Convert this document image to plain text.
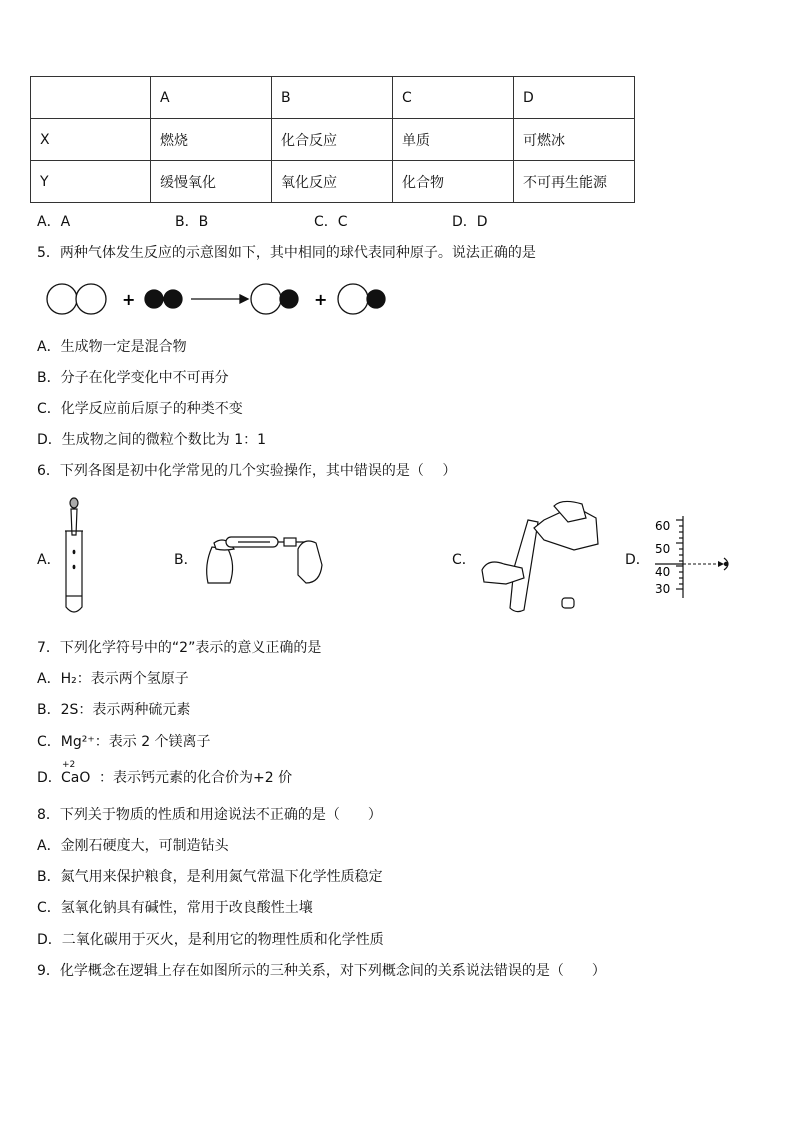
	A	B	C	D
X	燃烧	化合反应	单质	可燃冰
Y	缓慢氧化	氧化反应	化合物	不可再生能源
A．A	B．B	C．C	D．D
5．两种气体发生反应的示意图如下，其中相同的球代表同种原子。说法正确的是
+	+
A．生成物一定是混合物
B．分子在化学变化中不可再分
C．化学反应前后原子的种类不变
D．生成物之间的微粒个数比为 1：1
6．下列各图是初中化学常见的几个实验操作，其中错误的是（　 ）
A．	B．	C．	D．
60
50
40
30
7．下列化学符号中的“2”表示的意义正确的是
A．H₂：表示两个氢原子
B．2S：表示两种硫元素
C．Mg²⁺：表示 2 个镁离子
D．
+2
CaO ：表示钙元素的化合价为+2 价
8．下列关于物质的性质和用途说法不正确的是（　　）
A．金刚石硬度大，可制造钻头
B．氮气用来保护粮食，是利用氮气常温下化学性质稳定
C．氢氧化钠具有碱性，常用于改良酸性土壤
D．二氧化碳用于灭火，是利用它的物理性质和化学性质
9．化学概念在逻辑上存在如图所示的三种关系，对下列概念间的关系说法错误的是（　　）
